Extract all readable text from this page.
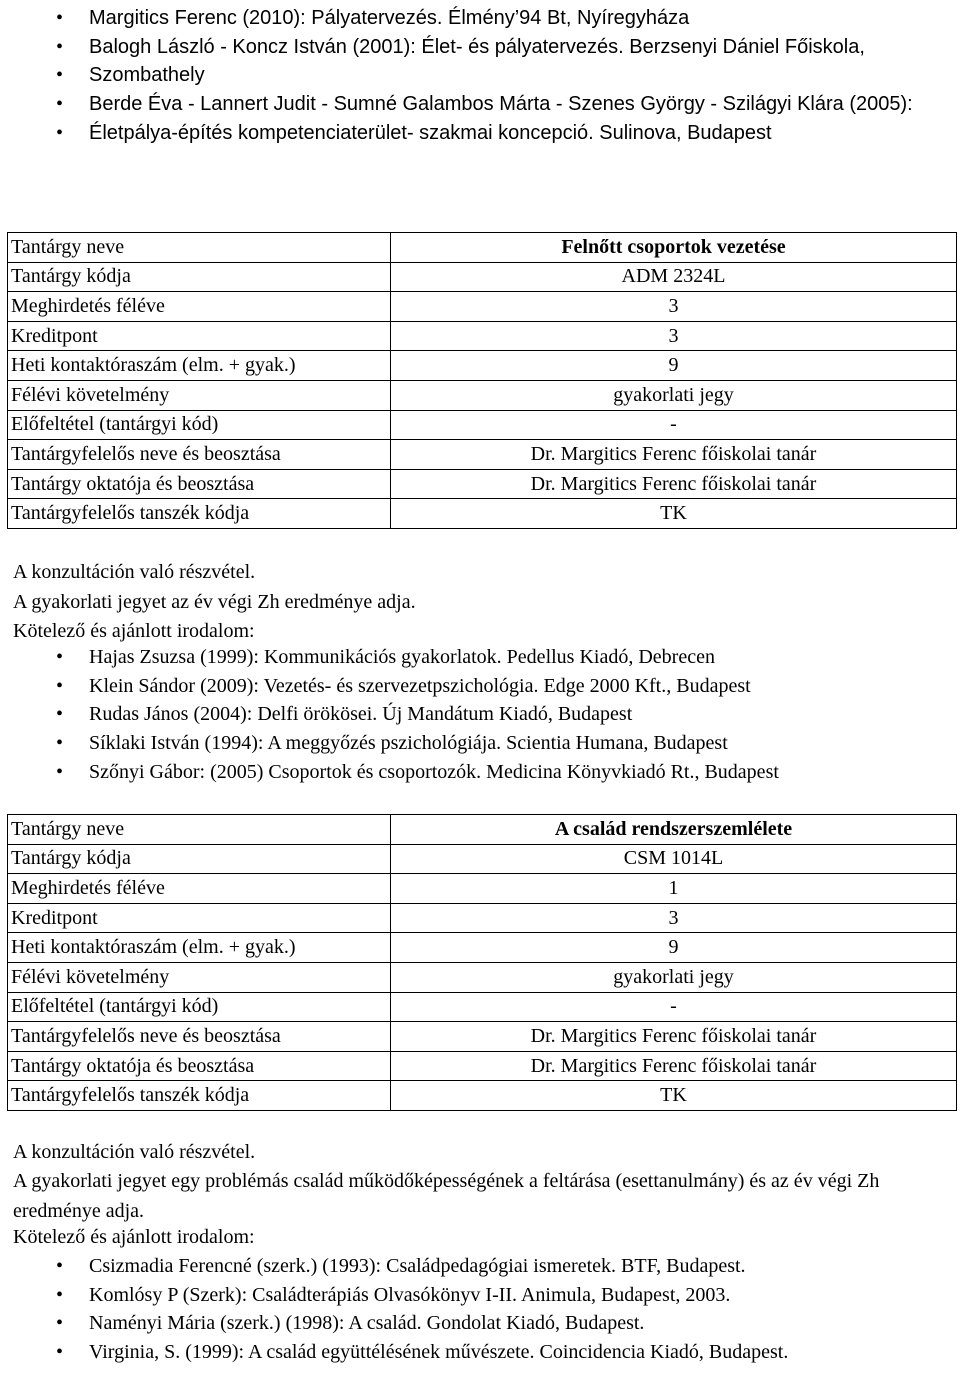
• Margitics Ferenc (2010): Pályatervezés. Élmény’94 Bt, Nyíregyháza
• Balogh László - Koncz István (2001): Élet- és pályatervezés. Berzsenyi Dániel Főiskola,
• Szombathely
• Berde Éva - Lannert Judit - Sumné Galambos Márta - Szenes György - Szilágyi Klára (2005):
• Életpálya-építés kompetenciaterület- szakmai koncepció. Sulinova, Budapest
Tantárgy neve	Felnőtt csoportok vezetése
Tantárgy kódja	ADM 2324L
Meghirdetés féléve	3
Kreditpont	3
Heti kontaktóraszám (elm. + gyak.)	9
Félévi követelmény	gyakorlati jegy
Előfeltétel (tantárgyi kód)	-
Tantárgyfelelős neve és beosztása	Dr. Margitics Ferenc főiskolai tanár
Tantárgy oktatója és beosztása	Dr. Margitics Ferenc főiskolai tanár
Tantárgyfelelős tanszék kódja	TK

A konzultáción való részvétel.

A gyakorlati jegyet az év végi Zh eredménye adja.

Kötelező és ajánlott irodalom:

• Hajas Zsuzsa (1999): Kommunikációs gyakorlatok. Pedellus Kiadó, Debrecen
• Klein Sándor (2009): Vezetés- és szervezetpszichológia. Edge 2000 Kft., Budapest
• Rudas János (2004): Delfi örökösei. Új Mandátum Kiadó, Budapest
• Síklaki István (1994): A meggyőzés pszichológiája. Scientia Humana, Budapest
• Szőnyi Gábor: (2005) Csoportok és csoportozók. Medicina Könyvkiadó Rt., Budapest
Tantárgy neve	A család rendszerszemlélete
Tantárgy kódja	CSM 1014L
Meghirdetés féléve	1
Kreditpont	3
Heti kontaktóraszám (elm. + gyak.)	9
Félévi követelmény	gyakorlati jegy
Előfeltétel (tantárgyi kód)	-
Tantárgyfelelős neve és beosztása	Dr. Margitics Ferenc főiskolai tanár
Tantárgy oktatója és beosztása	Dr. Margitics Ferenc főiskolai tanár
Tantárgyfelelős tanszék kódja	TK

A konzultáción való részvétel.

A gyakorlati jegyet egy problémás család működőképességének a feltárása (esettanulmány) és az év végi Zh eredménye adja.

Kötelező és ajánlott irodalom:

• Csizmadia Ferencné (szerk.) (1993): Családpedagógiai ismeretek. BTF, Budapest.
• Komlósy P (Szerk): Családterápiás Olvasókönyv I-II. Animula, Budapest, 2003.
• Naményi Mária (szerk.) (1998): A család. Gondolat Kiadó, Budapest.
• Virginia, S. (1999): A család együttélésének művészete. Coincidencia Kiadó, Budapest.
